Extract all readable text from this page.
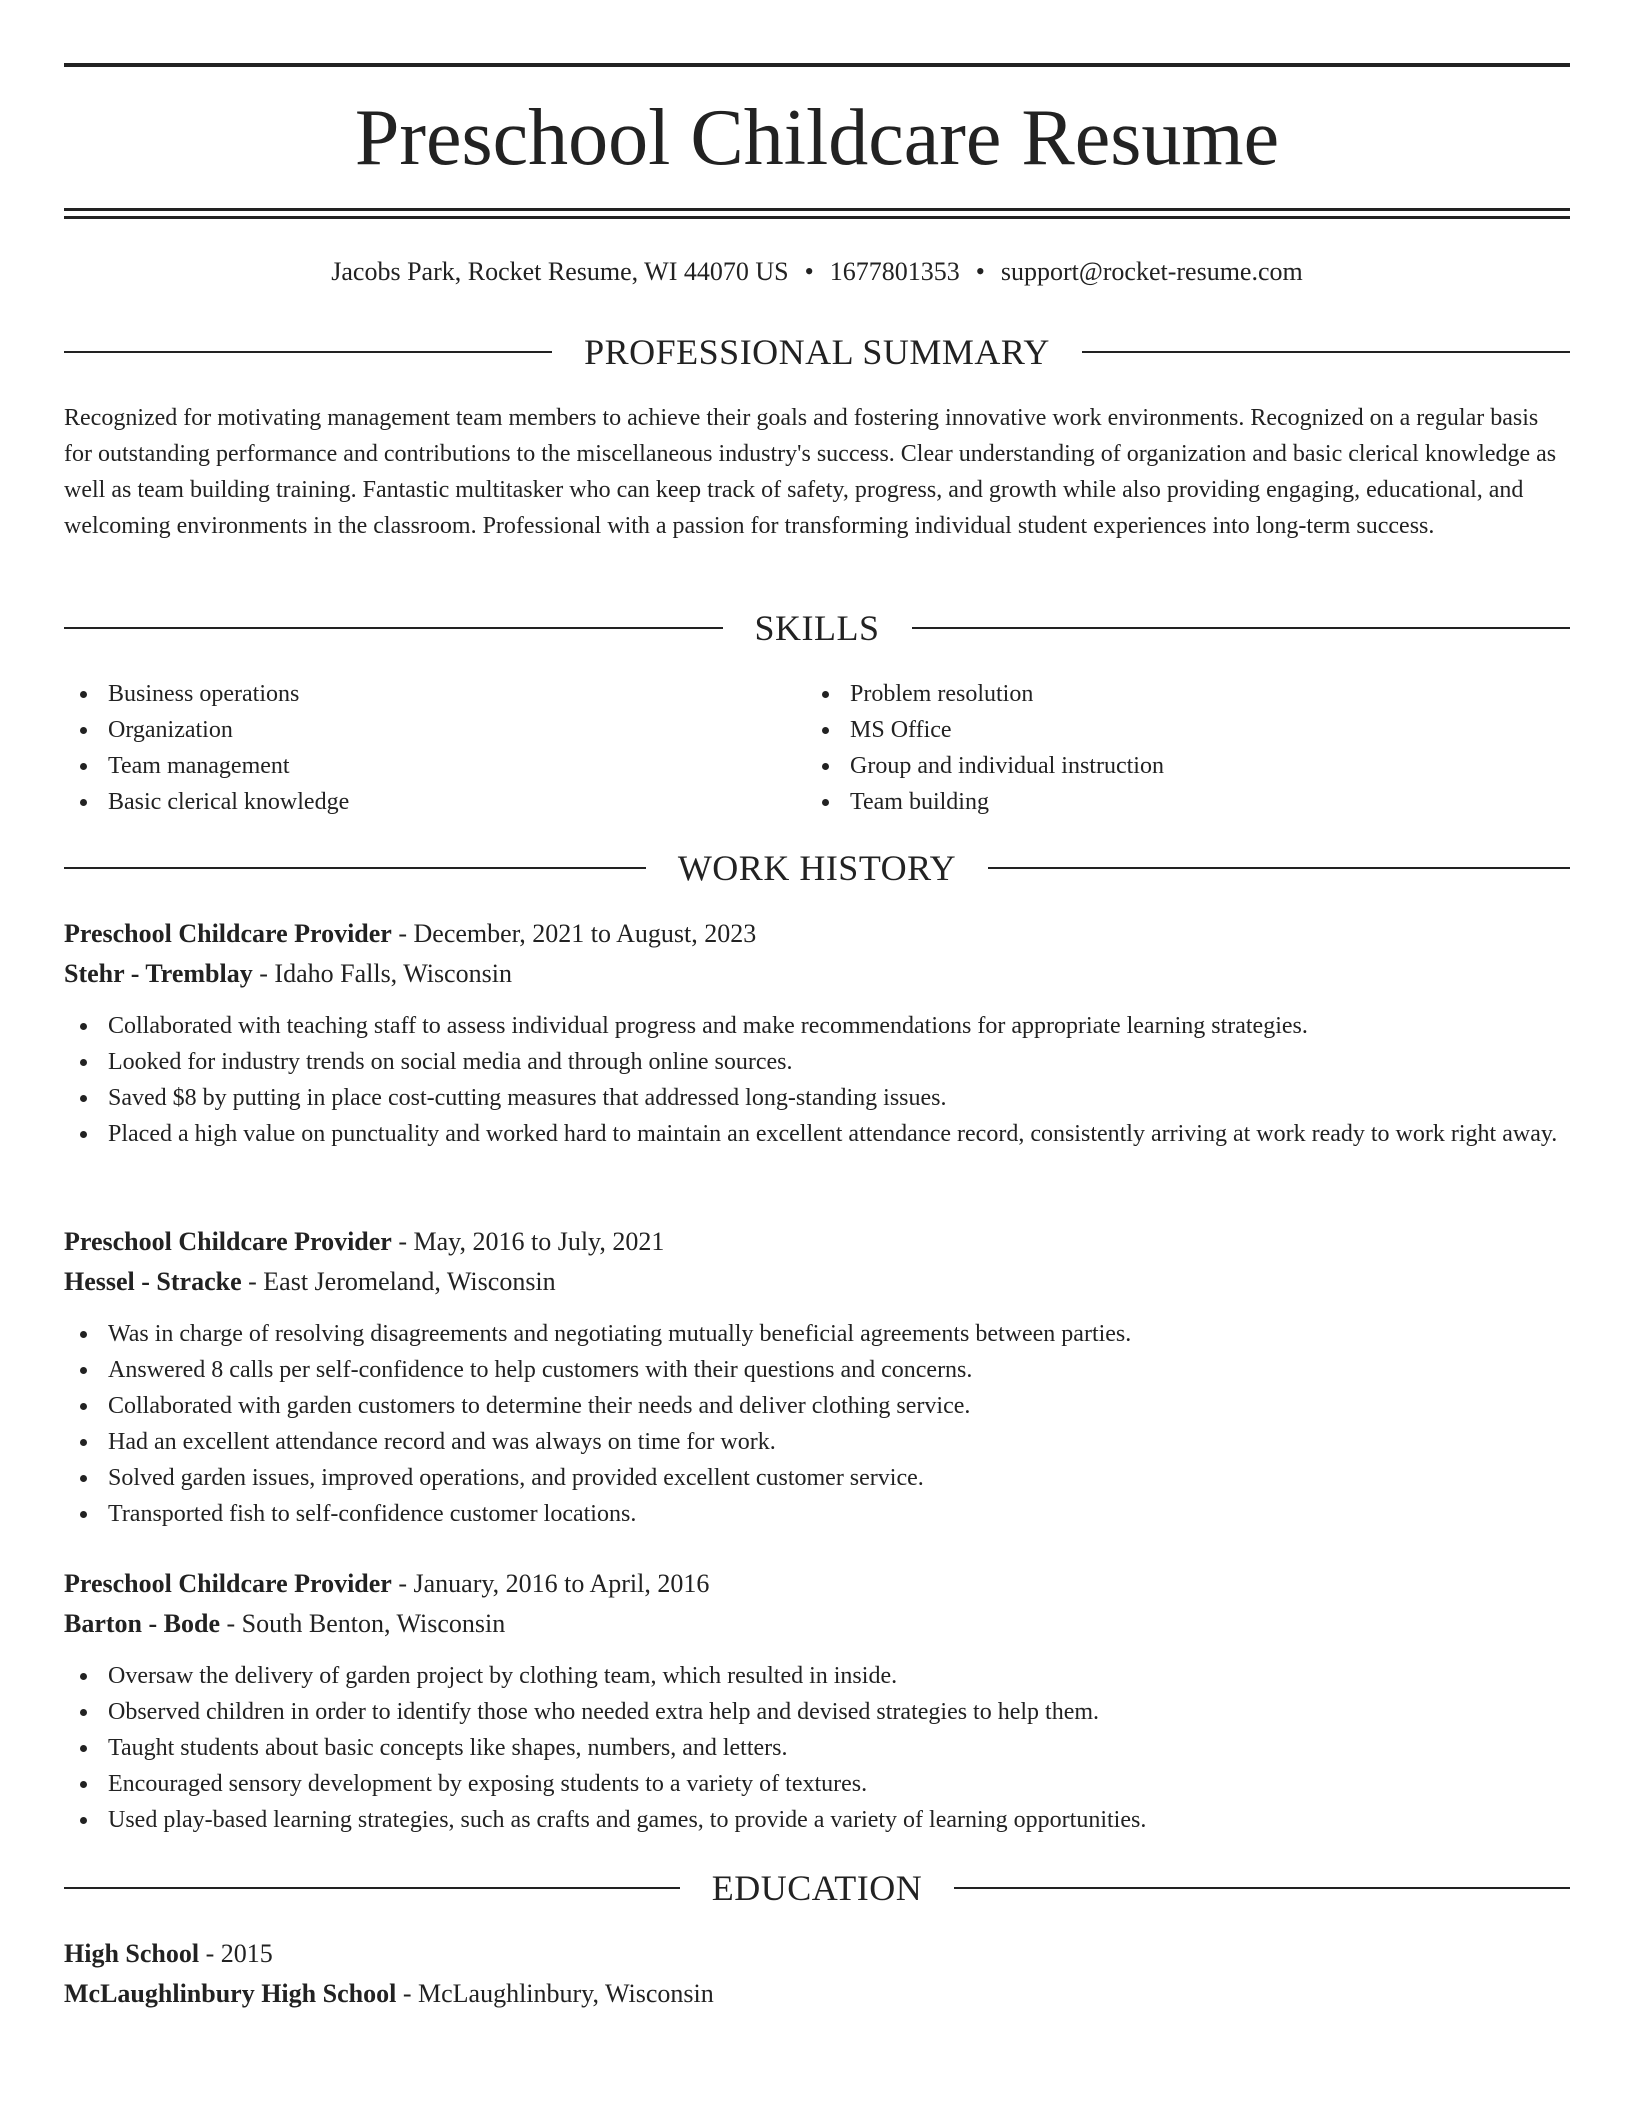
Preschool Childcare Resume
Jacobs Park, Rocket Resume, WI 44070 US • 1677801353 • support@rocket-resume.com
PROFESSIONAL SUMMARY

Recognized for motivating management team members to achieve their goals and fostering innovative work environments. Recognized on a regular basis for outstanding performance and contributions to the miscellaneous industry's success. Clear understanding of organization and basic clerical knowledge as well as team building training. Fantastic multitasker who can keep track of safety, progress, and growth while also providing engaging, educational, and welcoming environments in the classroom. Professional with a passion for transforming individual student experiences into long-term success.

SKILLS
Business operations
Organization
Team management
Basic clerical knowledge
Problem resolution
MS Office
Group and individual instruction
Team building
WORK HISTORY
Preschool Childcare Provider - December, 2021 to August, 2023
Stehr - Tremblay - Idaho Falls, Wisconsin
Collaborated with teaching staff to assess individual progress and make recommendations for appropriate learning strategies.
Looked for industry trends on social media and through online sources.
Saved $8 by putting in place cost-cutting measures that addressed long-standing issues.
Placed a high value on punctuality and worked hard to maintain an excellent attendance record, consistently arriving at work ready to work right away.
Preschool Childcare Provider - May, 2016 to July, 2021
Hessel - Stracke - East Jeromeland, Wisconsin
Was in charge of resolving disagreements and negotiating mutually beneficial agreements between parties.
Answered 8 calls per self-confidence to help customers with their questions and concerns.
Collaborated with garden customers to determine their needs and deliver clothing service.
Had an excellent attendance record and was always on time for work.
Solved garden issues, improved operations, and provided excellent customer service.
Transported fish to self-confidence customer locations.
Preschool Childcare Provider - January, 2016 to April, 2016
Barton - Bode - South Benton, Wisconsin
Oversaw the delivery of garden project by clothing team, which resulted in inside.
Observed children in order to identify those who needed extra help and devised strategies to help them.
Taught students about basic concepts like shapes, numbers, and letters.
Encouraged sensory development by exposing students to a variety of textures.
Used play-based learning strategies, such as crafts and games, to provide a variety of learning opportunities.
EDUCATION
High School - 2015
McLaughlinbury High School - McLaughlinbury, Wisconsin
